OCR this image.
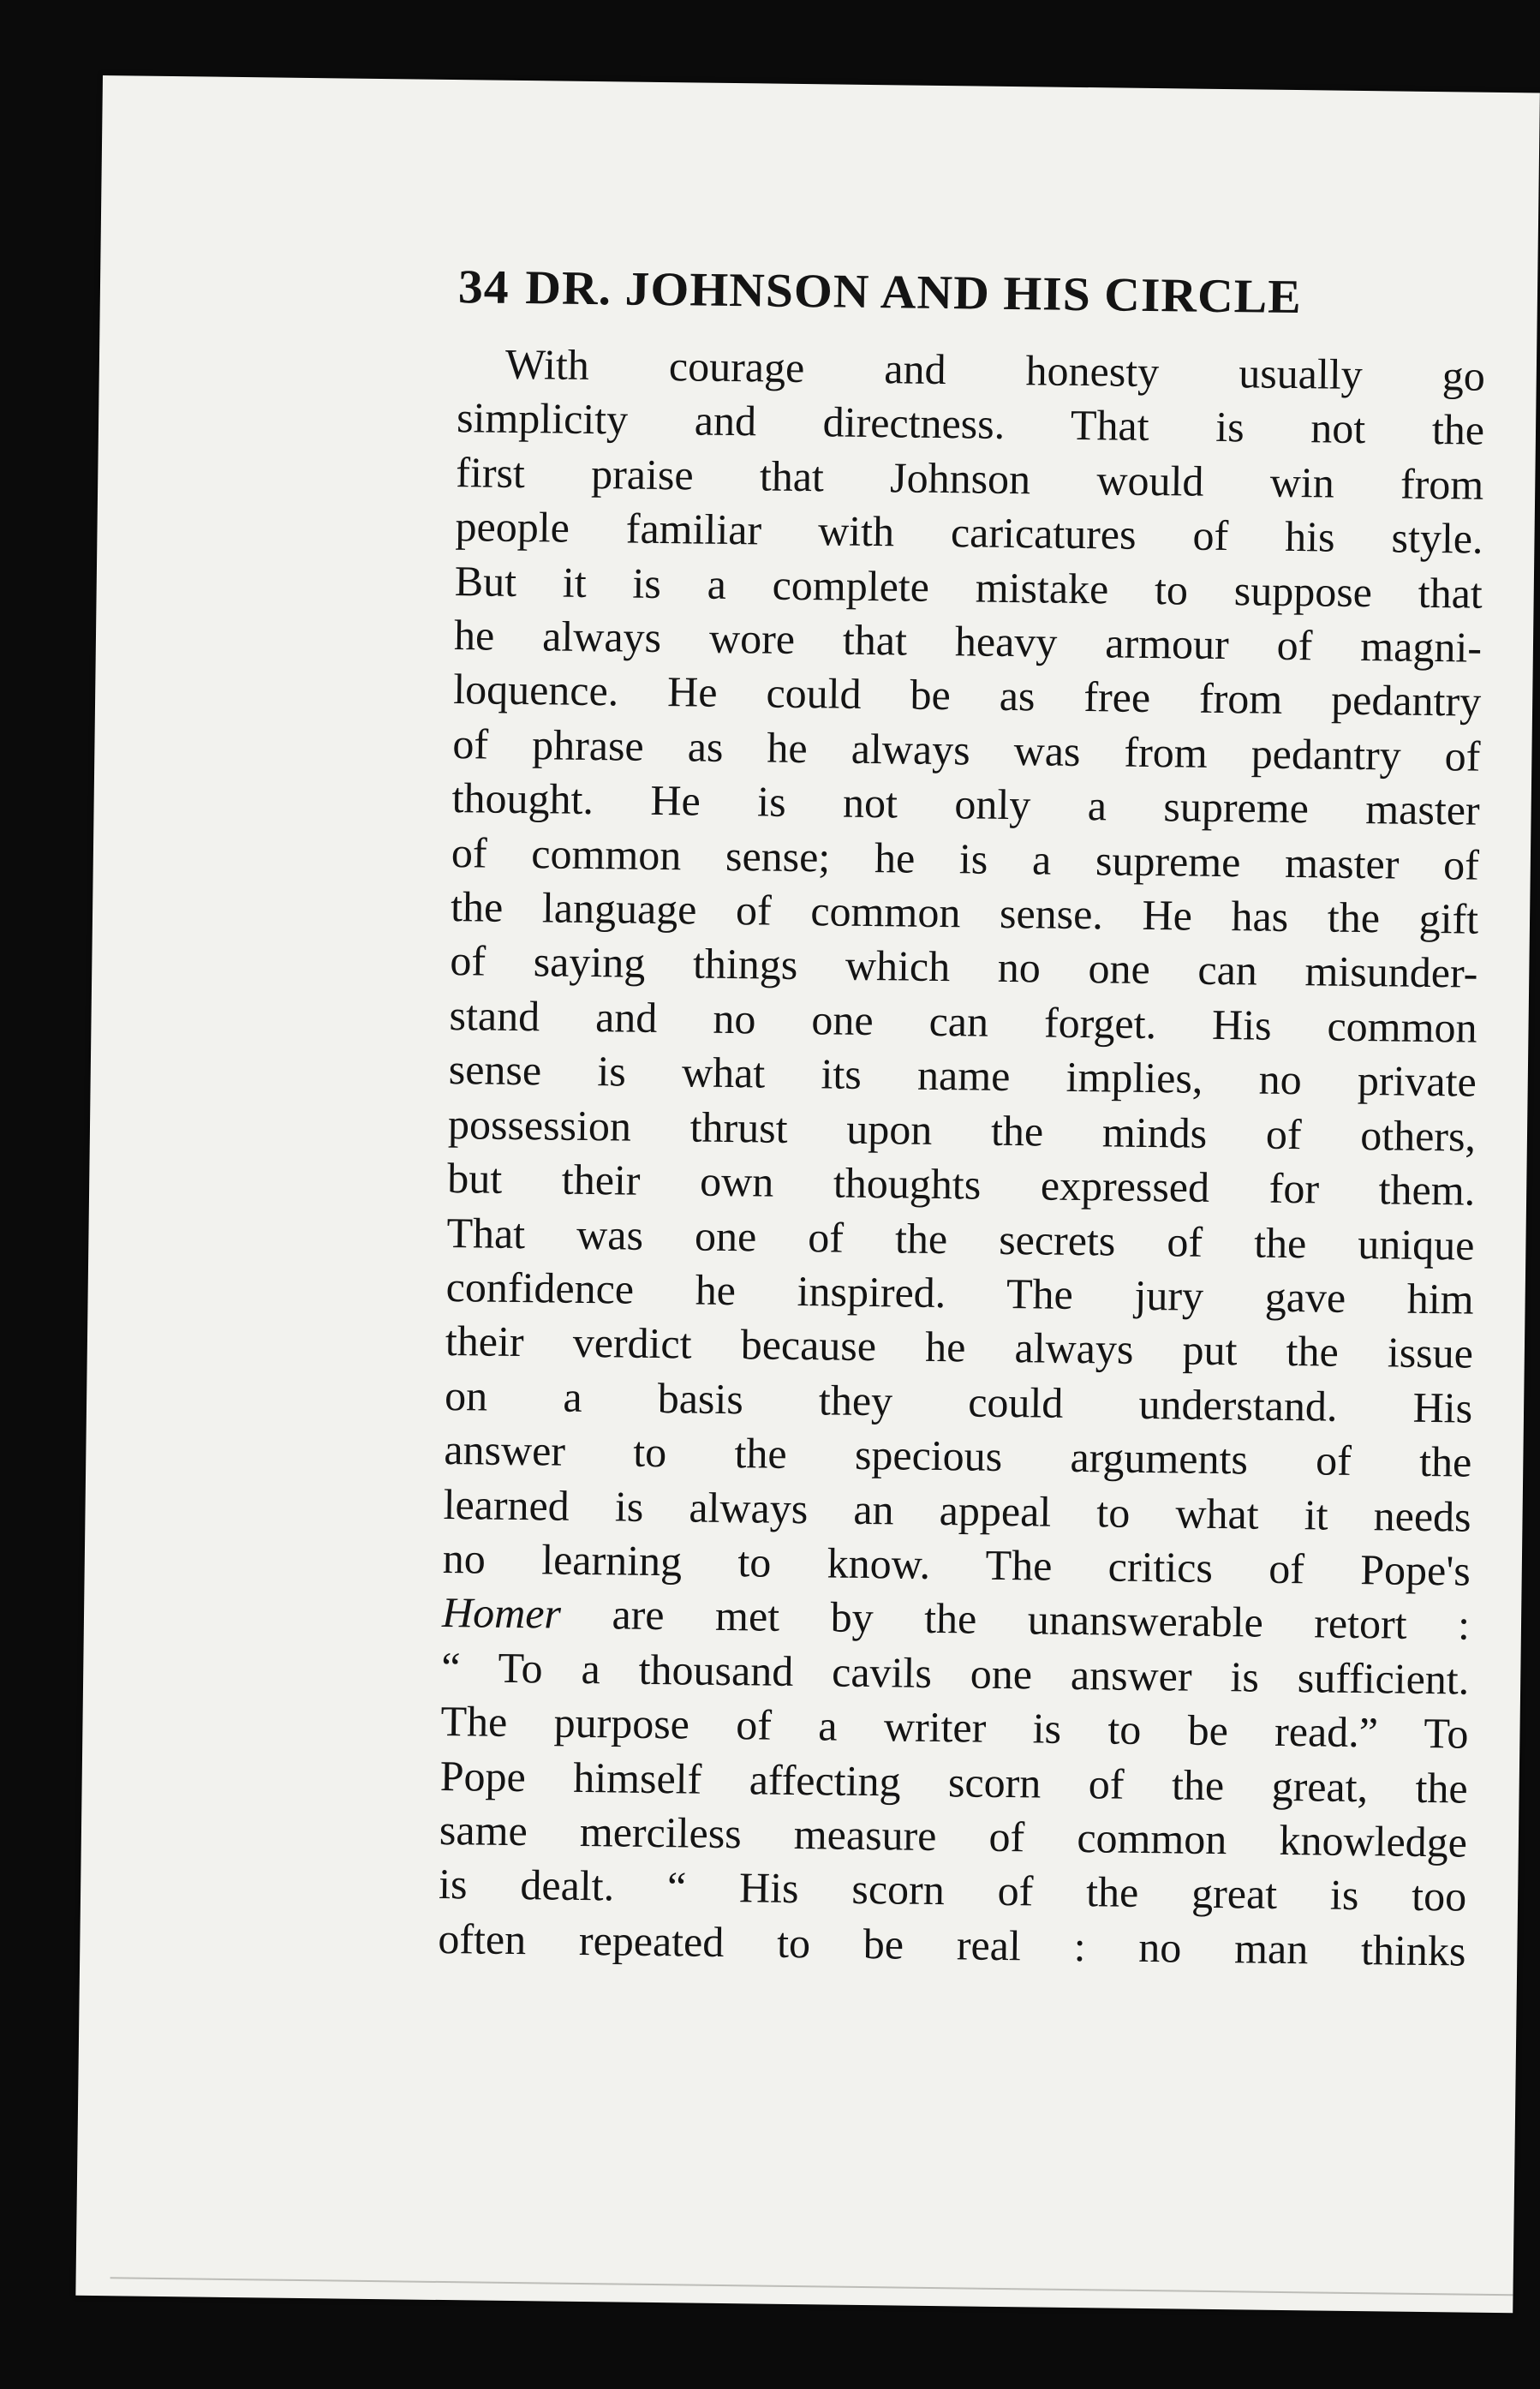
34 DR. JOHNSON AND HIS CIRCLE

With courage and honesty usually go
simplicity and directness. That is not the
first praise that Johnson would win from
people familiar with caricatures of his style.
But it is a complete mistake to suppose that
he always wore that heavy armour of magni-
loquence. He could be as free from pedantry
of phrase as he always was from pedantry of
thought. He is not only a supreme master
of common sense; he is a supreme master of
the language of common sense. He has the gift
of saying things which no one can misunder-
stand and no one can forget. His common
sense is what its name implies, no private
possession thrust upon the minds of others,
but their own thoughts expressed for them.
That was one of the secrets of the unique
confidence he inspired. The jury gave him
their verdict because he always put the issue
on a basis they could understand. His
answer to the specious arguments of the
learned is always an appeal to what it needs
no learning to know. The critics of Pope's
Homer are met by the unanswerable retort :
“ To a thousand cavils one answer is sufficient.
The purpose of a writer is to be read.” To
Pope himself affecting scorn of the great, the
same merciless measure of common knowledge
is dealt. “ His scorn of the great is too
often repeated to be real : no man thinks
